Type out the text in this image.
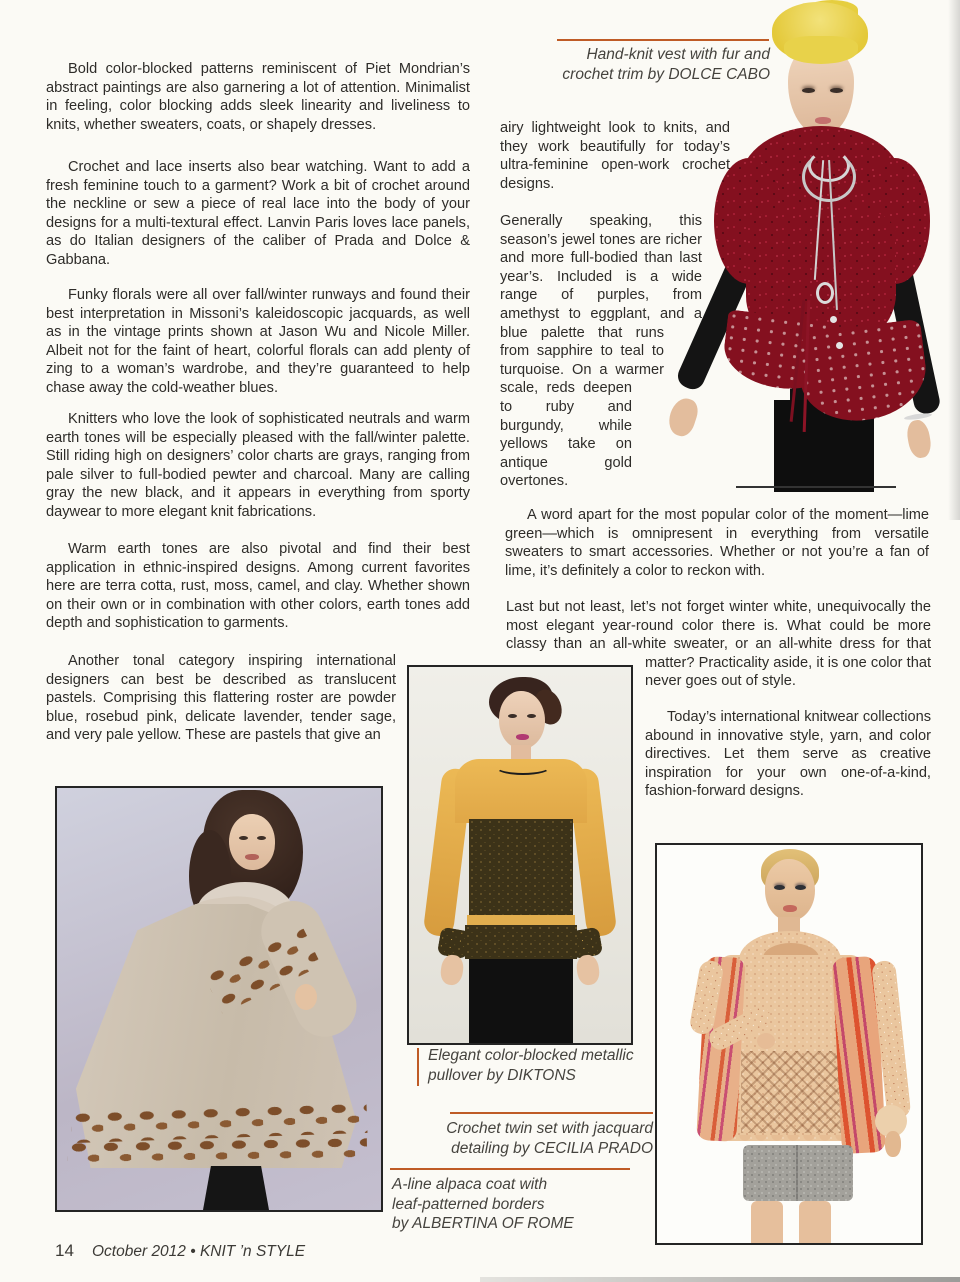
Bold color-blocked patterns reminiscent of Piet Mondrian’s abstract paintings are also garnering a lot of attention. Minimalist in feeling, color blocking adds sleek linearity and liveliness to knits, whether sweaters, coats, or shapely dresses.

Crochet and lace inserts also bear watching. Want to add a fresh feminine touch to a garment? Work a bit of crochet around the neckline or sew a piece of real lace into the body of your designs for a multi-textural effect. Lanvin Paris loves lace panels, as do Italian designers of the caliber of Prada and Dolce & Gabbana.

Funky florals were all over fall/winter runways and found their best interpretation in Missoni’s kaleidoscopic jacquards, as well as in the vintage prints shown at Jason Wu and Nicole Miller. Albeit not for the faint of heart, colorful florals can add plenty of zing to a woman’s wardrobe, and they’re guaranteed to help chase away the cold-weather blues.

Knitters who love the look of sophisticated neutrals and warm earth tones will be especially pleased with the fall/winter palette. Still riding high on designers’ color charts are grays, ranging from pale silver to full-bodied pewter and charcoal. Many are calling gray the new black, and it appears in everything from sporty daywear to more elegant knit fabrications.

Warm earth tones are also pivotal and find their best application in ethnic-inspired designs. Among current favorites here are terra cotta, rust, moss, camel, and clay. Whether shown on their own or in combination with other colors, earth tones add depth and sophistication to garments.

Another tonal category inspiring international designers can best be described as translucent pastels. Comprising this flattering roster are powder blue, rosebud pink, delicate lavender, tender sage, and very pale yellow. These are pastels that give an

Hand-knit vest with fur and
crochet trim by DOLCE CABO

airy lightweight look to knits, and they work beautifully for today’s ultra-feminine open-work crochet designs.

Generally speaking, this season’s jewel tones are richer and more full-bodied than last year’s. Included is a wide range of purples, from amethyst to eggplant, and a blue palette that runs from sapphire to teal to turquoise. On a warmer scale, reds deepen to ruby and burgundy, while yellows take on antique gold overtones.

A word apart for the most popular color of the moment—lime green—which is omnipresent in everything from versatile sweaters to smart accessories. Whether or not you’re a fan of lime, it’s definitely a color to reckon with.

Last but not least, let’s not forget winter white, unequivocally the most elegant year-round color there is. What could be more classy than an all-white sweater, or an all-white dress for that matter? Practicality aside, it is one color that never goes out of style.

Today’s international knitwear collections abound in innovative style, yarn, and color directives. Let them serve as creative inspiration for your own one-of-a-kind, fashion-forward designs.

Elegant color-blocked metallic
pullover by DIKTONS
Crochet twin set with jacquard
detailing by CECILIA PRADO
A-line alpaca coat with
leaf-patterned borders
by ALBERTINA OF ROME
14 October 2012 • KNIT ’n STYLE
